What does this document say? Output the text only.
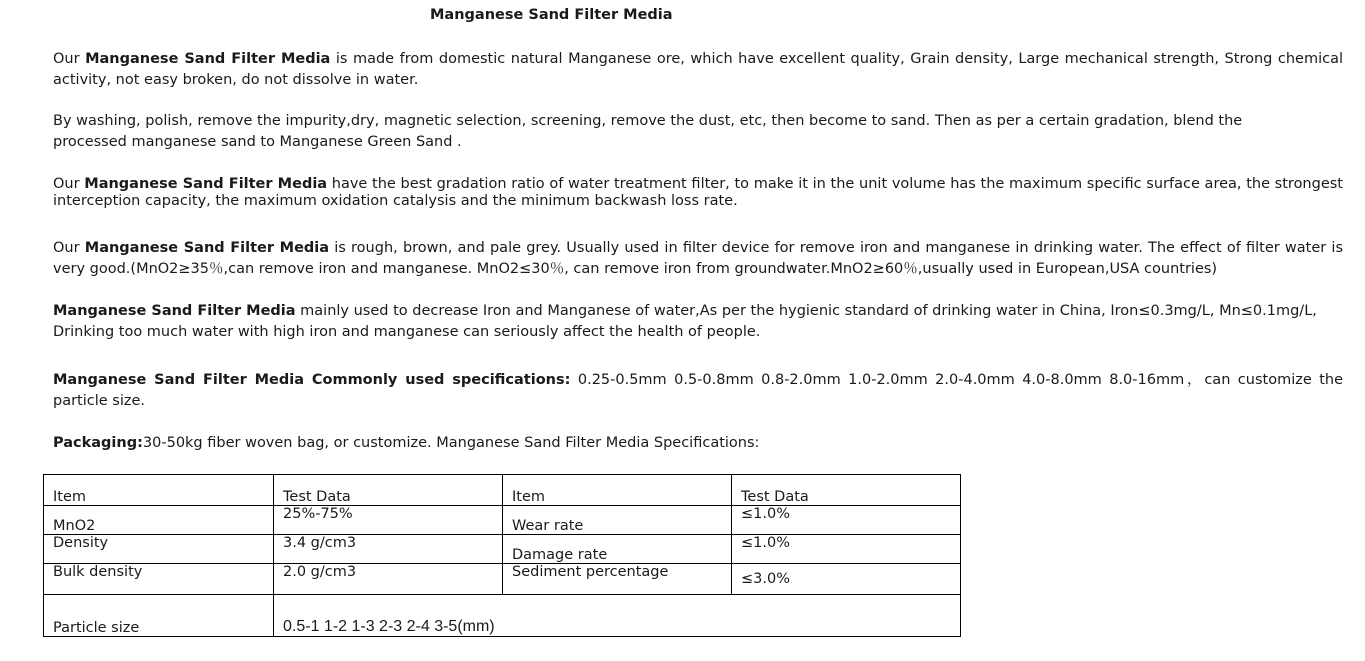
Manganese Sand Filter Media
Our Manganese Sand Filter Media is made from domestic natural Manganese ore, which have excellent quality, Grain density, Large mechanical strength, Strong chemical activity, not easy broken, do not dissolve in water.
By washing, polish, remove the impurity,dry, magnetic selection, screening, remove the dust, etc, then become to sand. Then as per a certain gradation, blend the
processed manganese sand to Manganese Green Sand .
Our Manganese Sand Filter Media have the best gradation ratio of water treatment filter, to make it in the unit volume has the maximum specific surface area, the strongest interception capacity, the maximum oxidation catalysis and the minimum backwash loss rate.
Our Manganese Sand Filter Media is rough, brown, and pale grey. Usually used in filter device for remove iron and manganese in drinking water. The effect of filter water is very good.(MnO2≥35％,can remove iron and manganese. MnO2≤30％, can remove iron from groundwater.MnO2≥60％,usually used in European,USA countries)
Manganese Sand Filter Media mainly used to decrease Iron and Manganese of water,As per the hygienic standard of drinking water in China, Iron≤0.3mg/L, Mn≤0.1mg/L, Drinking too much water with high iron and manganese can seriously affect the health of people.
Manganese Sand Filter Media Commonly used specifications: 0.25-0.5mm 0.5-0.8mm 0.8-2.0mm 1.0-2.0mm 2.0-4.0mm 4.0-8.0mm 8.0-16mm，can customize the particle size.
Packaging:30-50kg fiber woven bag, or customize. Manganese Sand Filter Media Specifications:
Item	Test Data	Item	Test Data
MnO2	25%-75%	Wear rate	≤1.0%
Density	3.4 g/cm3	Damage rate	≤1.0%
Bulk density	2.0 g/cm3	Sediment percentage	≤3.0%
Particle size	0.5-1 1-2 1-3 2-3 2-4 3-5(mm)		
